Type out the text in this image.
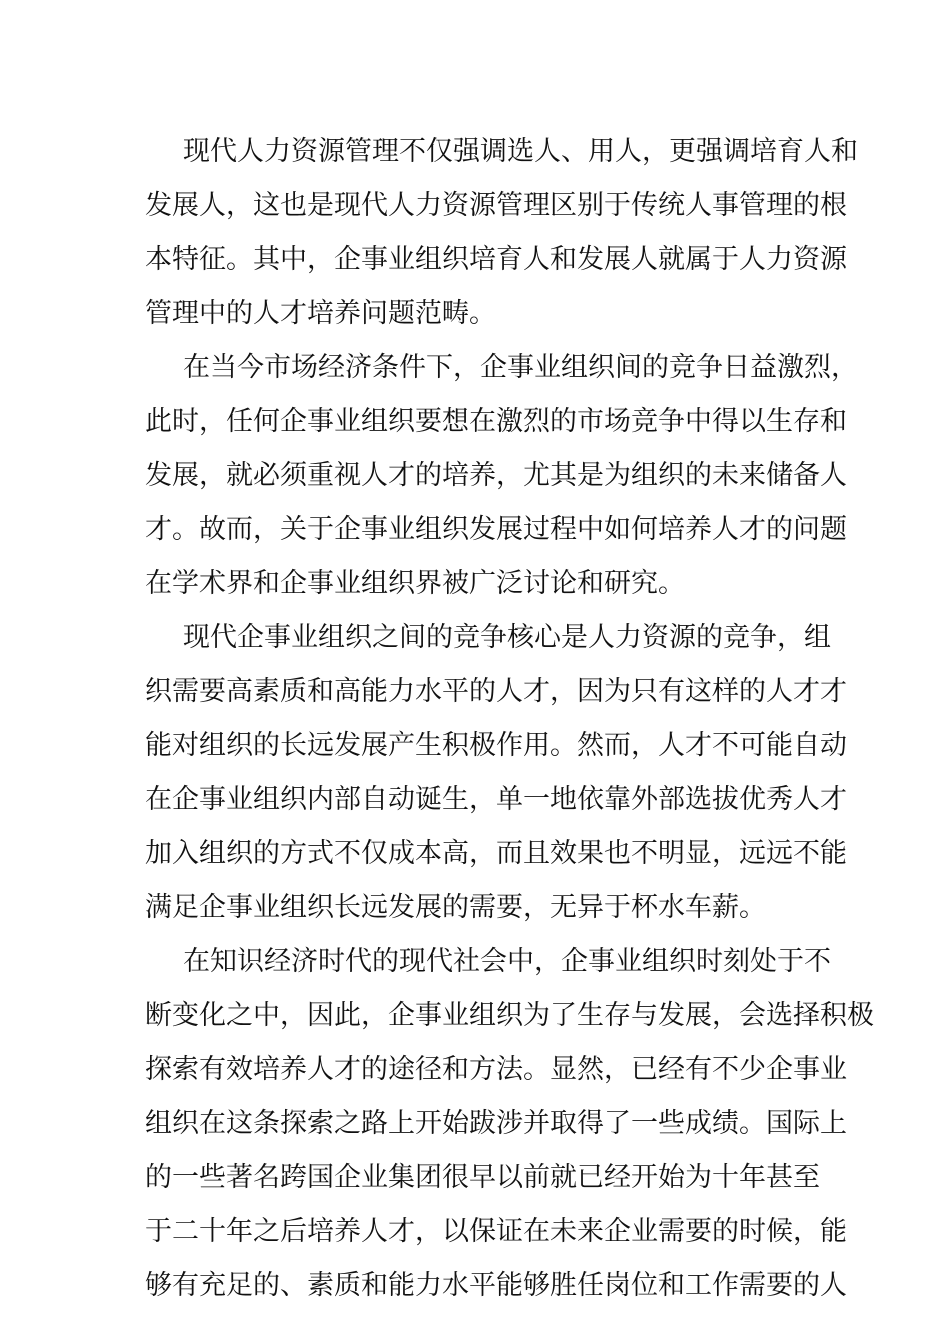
现代人力资源管理不仅强调选人、用人，更强调培育人和
发展人，这也是现代人力资源管理区别于传统人事管理的根
本特征。其中，企事业组织培育人和发展人就属于人力资源
管理中的人才培养问题范畴。
在当今市场经济条件下，企事业组织间的竞争日益激烈，
此时，任何企事业组织要想在激烈的市场竞争中得以生存和
发展，就必须重视人才的培养，尤其是为组织的未来储备人
才。故而，关于企事业组织发展过程中如何培养人才的问题
在学术界和企事业组织界被广泛讨论和研究。
现代企事业组织之间的竞争核心是人力资源的竞争，组
织需要高素质和高能力水平的人才，因为只有这样的人才才
能对组织的长远发展产生积极作用。然而，人才不可能自动
在企事业组织内部自动诞生，单一地依靠外部选拔优秀人才
加入组织的方式不仅成本高，而且效果也不明显，远远不能
满足企事业组织长远发展的需要，无异于杯水车薪。
在知识经济时代的现代社会中，企事业组织时刻处于不
断变化之中，因此，企事业组织为了生存与发展，会选择积极
探索有效培养人才的途径和方法。显然，已经有不少企事业
组织在这条探索之路上开始跋涉并取得了一些成绩。国际上
的一些著名跨国企业集团很早以前就已经开始为十年甚至
于二十年之后培养人才，以保证在未来企业需要的时候，能
够有充足的、素质和能力水平能够胜任岗位和工作需要的人
